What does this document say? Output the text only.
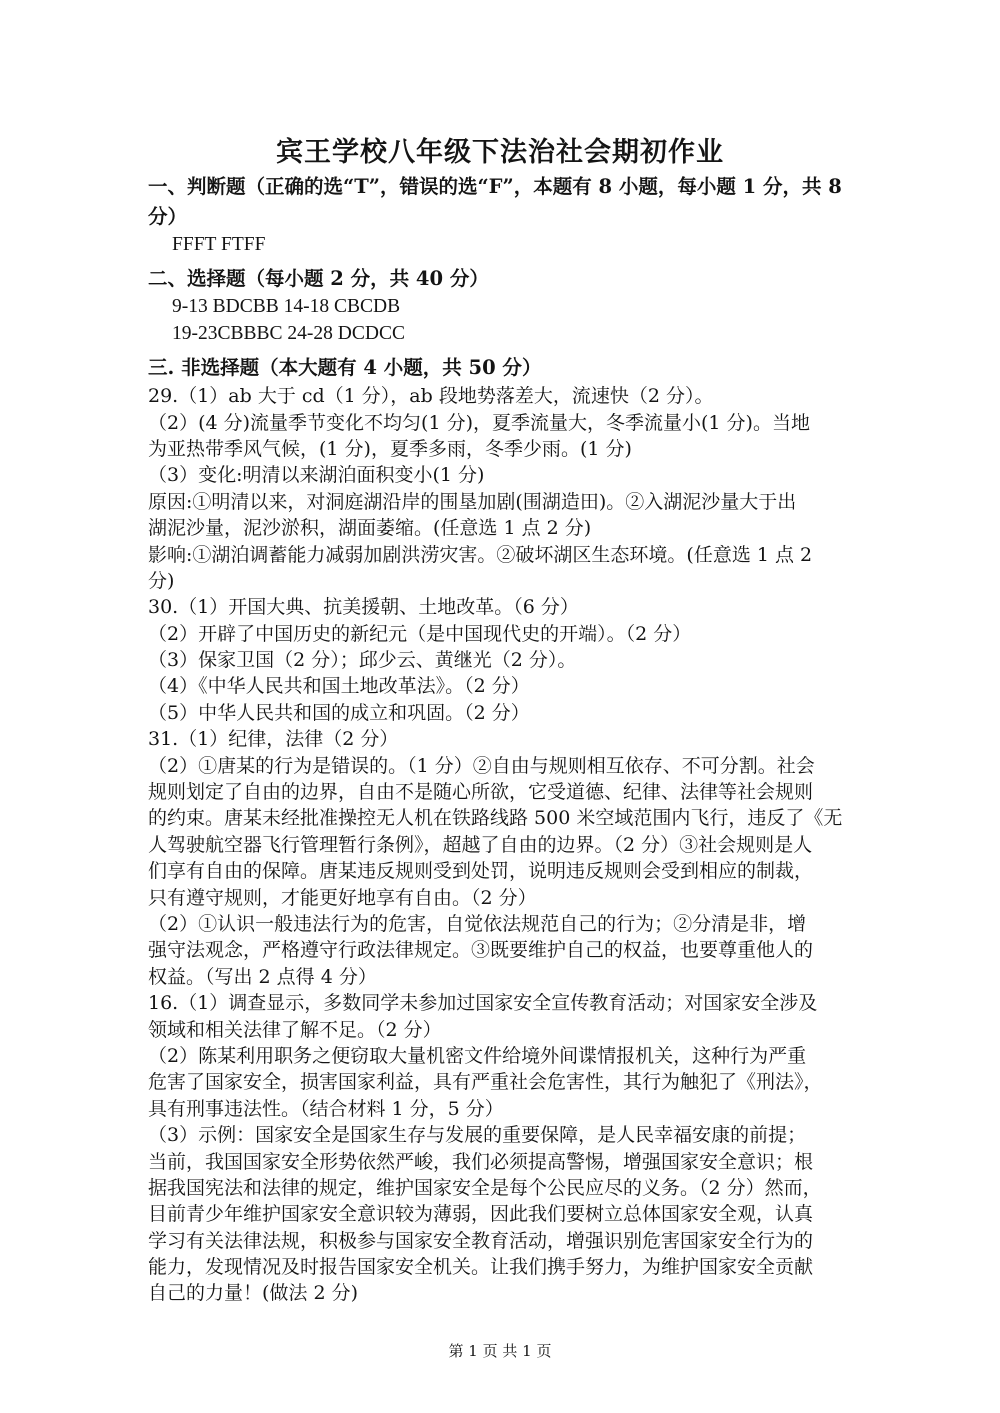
宾王学校八年级下法治社会期初作业
一、判断题（正确的选“T”，错误的选“F”，本题有 8 小题，每小题 1 分，共 8
分）
FFFT FTFF
二、选择题（每小题 2 分，共 40 分）
9-13 BDCBB 14-18 CBCDB
19-23CBBBC 24-28 DCDCC
三. 非选择题（本大题有 4 小题，共 50 分）
29.（1）ab 大于 cd（1 分），ab 段地势落差大，流速快（2 分）。
（2）(4 分)流量季节变化不均匀(1 分)，夏季流量大，冬季流量小(1 分)。当地
为亚热带季风气候，(1 分)，夏季多雨，冬季少雨。(1 分)
（3）变化:明清以来湖泊面积变小(1 分)
原因:①明清以来，对洞庭湖沿岸的围垦加剧(围湖造田)。②入湖泥沙量大于出
湖泥沙量，泥沙淤积，湖面萎缩。(任意选 1 点 2 分)
影响:①湖泊调蓄能力减弱加剧洪涝灾害。②破坏湖区生态环境。(任意选 1 点 2
分)
30.（1）开国大典、抗美援朝、土地改革。（6 分）
（2）开辟了中国历史的新纪元（是中国现代史的开端）。（2 分）
（3）保家卫国（2 分）；邱少云、黄继光（2 分）。
（4）《中华人民共和国土地改革法》。（2 分）
（5）中华人民共和国的成立和巩固。（2 分）
31.（1）纪律，法律（2 分）
（2）①唐某的行为是错误的。（1 分）②自由与规则相互依存、不可分割。社会
规则划定了自由的边界，自由不是随心所欲，它受道德、纪律、法律等社会规则
的约束。唐某未经批准操控无人机在铁路线路 500 米空域范围内飞行，违反了《无
人驾驶航空器飞行管理暂行条例》，超越了自由的边界。（2 分）③社会规则是人
们享有自由的保障。唐某违反规则受到处罚，说明违反规则会受到相应的制裁，
只有遵守规则，才能更好地享有自由。（2 分）
（2）①认识一般违法行为的危害，自觉依法规范自己的行为；②分清是非，增
强守法观念，严格遵守行政法律规定。③既要维护自己的权益，也要尊重他人的
权益。（写出 2 点得 4 分）
16.（1）调查显示，多数同学未参加过国家安全宣传教育活动；对国家安全涉及
领域和相关法律了解不足。（2 分）
（2）陈某利用职务之便窃取大量机密文件给境外间谍情报机关，这种行为严重
危害了国家安全，损害国家利益，具有严重社会危害性，其行为触犯了《刑法》，
具有刑事违法性。（结合材料 1 分，5 分）
（3）示例：国家安全是国家生存与发展的重要保障，是人民幸福安康的前提；
当前，我国国家安全形势依然严峻，我们必须提高警惕，增强国家安全意识；根
据我国宪法和法律的规定，维护国家安全是每个公民应尽的义务。（2 分）然而，
目前青少年维护国家安全意识较为薄弱，因此我们要树立总体国家安全观，认真
学习有关法律法规，积极参与国家安全教育活动，增强识别危害国家安全行为的
能力，发现情况及时报告国家安全机关。让我们携手努力，为维护国家安全贡献
自己的力量！(做法 2 分)
第 1 页 共 1 页
